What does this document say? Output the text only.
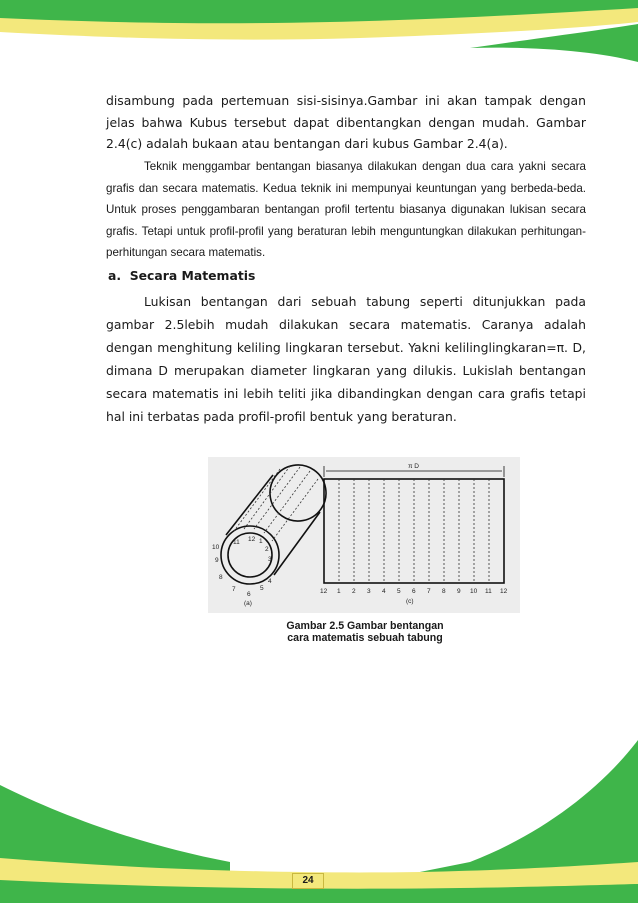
disambung pada pertemuan sisi-sisinya.Gambar ini akan tampak dengan jelas bahwa Kubus tersebut dapat dibentangkan dengan mudah. Gambar 2.4(c) adalah bukaan atau bentangan dari kubus Gambar 2.4(a).

Teknik menggambar bentangan biasanya dilakukan dengan dua cara yakni secara grafis dan secara matematis. Kedua teknik ini mempunyai keuntungan yang berbeda-beda. Untuk proses penggambaran bentangan profil tertentu biasanya digunakan lukisan secara grafis. Tetapi untuk profil-profil yang beraturan lebih menguntungkan dilakukan perhitungan-perhitungan secara matematis.

a. Secara Matematis

Lukisan bentangan dari sebuah tabung seperti ditunjukkan pada gambar 2.5lebih mudah dilakukan secara matematis. Caranya adalah dengan menghitung keliling lingkaran tersebut. Yakni kelilinglingkaran=π. D, dimana D merupakan diameter lingkaran yang dilukis. Lukislah bentangan secara matematis ini lebih teliti jika dibandingkan dengan cara grafis tetapi hal ini terbatas pada profil-profil bentuk yang beraturan.

π D
12 1
2
3
4
5
6
7
8
9
10
11
(a)
12 1 2 3 4 5 6 7 8 9 10 11 12
(c)
Gambar 2.5 Gambar bentangan
cara matematis sebuah tabung
24
